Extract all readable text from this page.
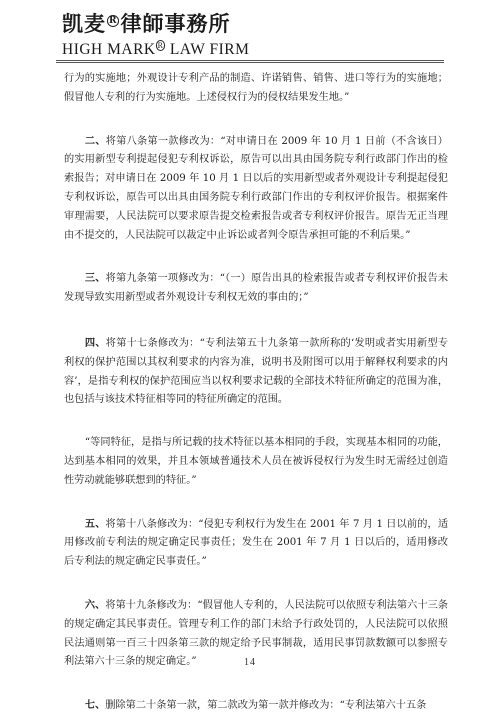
凯麦 $^R$ 律師事務所
HIGH MARK $^R$ LAW FIRM

行为的实施地；外观设计专利产品的制造、许诺销售、销售、进口等行为的实施地；假冒他人专利的行为实施地。上述侵权行为的侵权结果发生地。”

二、将第八条第一款修改为：“对申请日在 2009 年 10 月 1 日前（不含该日）的实用新型专利提起侵犯专利权诉讼，原告可以出具由国务院专利行政部门作出的检索报告；对申请日在 2009 年 10 月 1 日以后的实用新型或者外观设计专利提起侵犯专利权诉讼，原告可以出具由国务院专利行政部门作出的专利权评价报告。根据案件审理需要，人民法院可以要求原告提交检索报告或者专利权评价报告。原告无正当理由不提交的，人民法院可以裁定中止诉讼或者判令原告承担可能的不利后果。”

三、将第九条第一项修改为：“（一）原告出具的检索报告或者专利权评价报告未发现导致实用新型或者外观设计专利权无效的事由的；”

四、将第十七条修改为：“专利法第五十九条第一款所称的‘发明或者实用新型专利权的保护范围以其权利要求的内容为准，说明书及附图可以用于解释权利要求的内容’，是指专利权的保护范围应当以权利要求记载的全部技术特征所确定的范围为准，也包括与该技术特征相等同的特征所确定的范围。

“等同特征，是指与所记载的技术特征以基本相同的手段，实现基本相同的功能，达到基本相同的效果，并且本领域普通技术人员在被诉侵权行为发生时无需经过创造性劳动就能够联想到的特征。”

五、将第十八条修改为：“侵犯专利权行为发生在 2001 年 7 月 1 日以前的，适用修改前专利法的规定确定民事责任；发生在 2001 年 7 月 1 日以后的，适用修改后专利法的规定确定民事责任。”

六、将第十九条修改为：“假冒他人专利的，人民法院可以依照专利法第六十三条的规定确定其民事责任。管理专利工作的部门未给予行政处罚的，人民法院可以依照民法通则第一百三十四条第三款的规定给予民事制裁，适用民事罚款数额可以参照专利法第六十三条的规定确定。”

七、删除第二十条第一款，第二款改为第一款并修改为：“专利法第六十五条

14
